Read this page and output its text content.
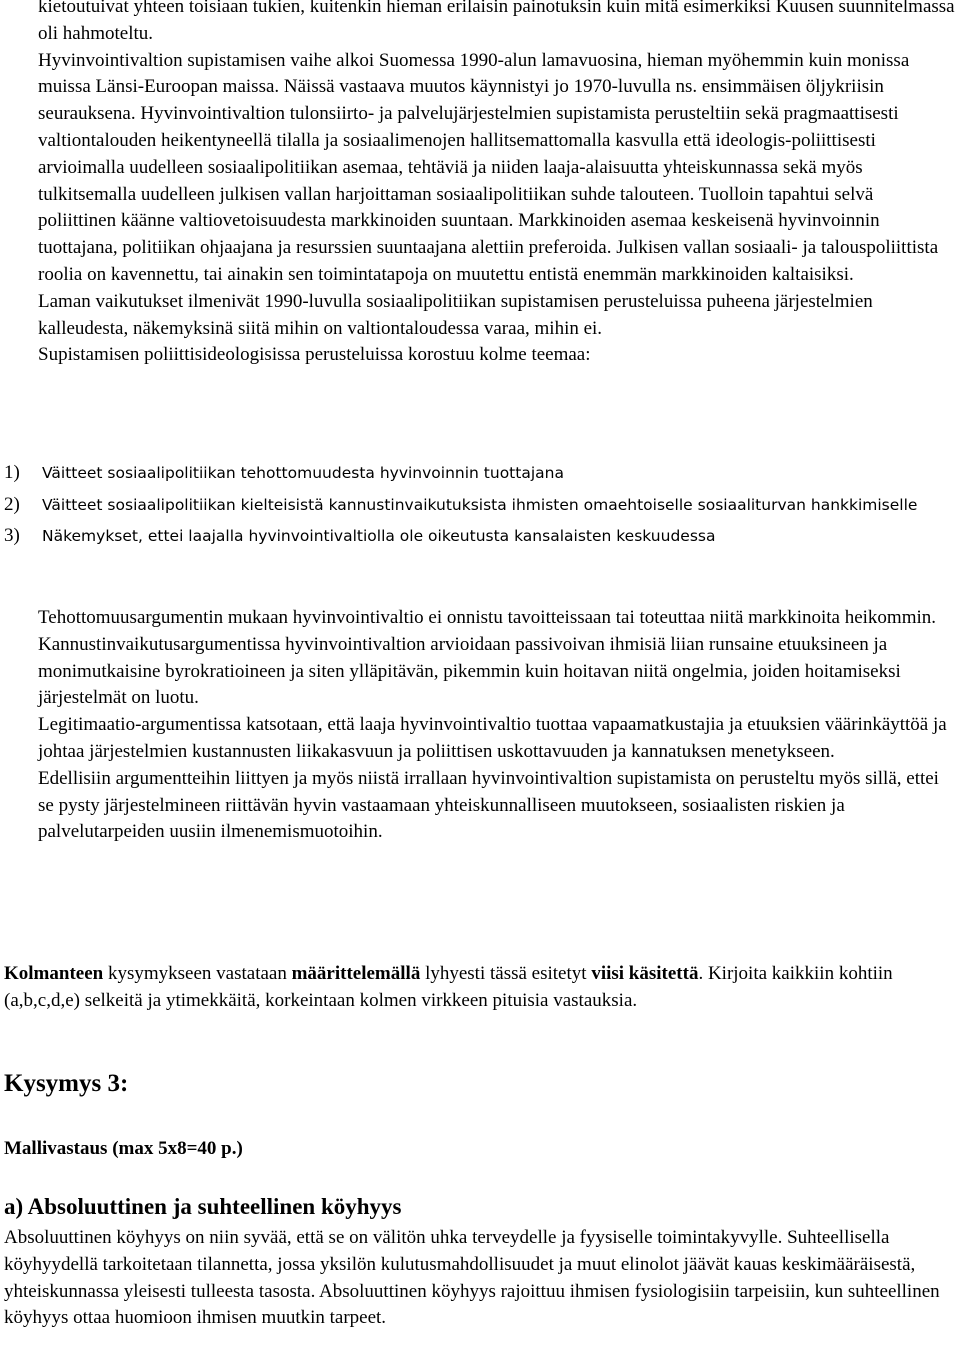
kietoutuivat yhteen toisiaan tukien, kuitenkin hieman erilaisin painotuksin kuin mitä esimerkiksi Kuusen suunnitelmassa oli hahmoteltu.

Hyvinvointivaltion supistamisen vaihe alkoi Suomessa 1990-alun lamavuosina, hieman myöhemmin kuin monissa muissa Länsi-Euroopan maissa. Näissä vastaava muutos käynnistyi jo 1970-luvulla ns. ensimmäisen öljykriisin seurauksena. Hyvinvointivaltion tulonsiirto- ja palvelujärjestelmien supistamista perusteltiin sekä pragmaattisesti valtiontalouden heikentyneellä tilalla ja sosiaalimenojen hallitsemattomalla kasvulla että ideologis-poliittisesti arvioimalla uudelleen sosiaalipolitiikan asemaa, tehtäviä ja niiden laaja-alaisuutta yhteiskunnassa sekä myös tulkitsemalla uudelleen julkisen vallan harjoittaman sosiaalipolitiikan suhde talouteen. Tuolloin tapahtui selvä poliittinen käänne valtiovetoisuudesta markkinoiden suuntaan. Markkinoiden asemaa keskeisenä hyvinvoinnin tuottajana, politiikan ohjaajana ja resurssien suuntaajana alettiin preferoida. Julkisen vallan sosiaali- ja talouspoliittista roolia on kavennettu, tai ainakin sen toimintatapoja on muutettu entistä enemmän markkinoiden kaltaisiksi.

Laman vaikutukset ilmenivät 1990-luvulla sosiaalipolitiikan supistamisen perusteluissa puheena järjestelmien kalleudesta, näkemyksinä siitä mihin on valtiontaloudessa varaa, mihin ei.

Supistamisen poliittisideologisissa perusteluissa korostuu kolme teemaa:

1) Väitteet sosiaalipolitiikan tehottomuudesta hyvinvoinnin tuottajana
2) Väitteet sosiaalipolitiikan kielteisistä kannustinvaikutuksista ihmisten omaehtoiselle sosiaaliturvan hankkimiselle
3) Näkemykset, ettei laajalla hyvinvointivaltiolla ole oikeutusta kansalaisten keskuudessa

Tehottomuusargumentin mukaan hyvinvointivaltio ei onnistu tavoitteissaan tai toteuttaa niitä markkinoita heikommin. Kannustinvaikutusargumentissa hyvinvointivaltion arvioidaan passivoivan ihmisiä liian runsaine etuuksineen ja monimutkaisine byrokratioineen ja siten ylläpitävän, pikemmin kuin hoitavan niitä ongelmia, joiden hoitamiseksi järjestelmät on luotu.

Legitimaatio-argumentissa katsotaan, että laaja hyvinvointivaltio tuottaa vapaamatkustajia ja etuuksien väärinkäyttöä ja johtaa järjestelmien kustannusten liikakasvuun ja poliittisen uskottavuuden ja kannatuksen menetykseen.

Edellisiin argumentteihin liittyen ja myös niistä irrallaan hyvinvointivaltion supistamista on perusteltu myös sillä, ettei se pysty järjestelmineen riittävän hyvin vastaamaan yhteiskunnalliseen muutokseen, sosiaalisten riskien ja palvelutarpeiden uusiin ilmenemismuotoihin.

Kolmanteen kysymykseen vastataan määrittelemällä lyhyesti tässä esitetyt viisi käsitettä. Kirjoita kaikkiin kohtiin (a,b,c,d,e) selkeitä ja ytimekkäitä, korkeintaan kolmen virkkeen pituisia vastauksia.

Kysymys 3:
Mallivastaus (max 5x8=40 p.)
a) Absoluuttinen ja suhteellinen köyhyys

Absoluuttinen köyhyys on niin syvää, että se on välitön uhka terveydelle ja fyysiselle toimintakyvylle. Suhteellisella köyhyydellä tarkoitetaan tilannetta, jossa yksilön kulutusmahdollisuudet ja muut elinolot jäävät kauas keskimääräisestä, yhteiskunnassa yleisesti tulleesta tasosta. Absoluuttinen köyhyys rajoittuu ihmisen fysiologisiin tarpeisiin, kun suhteellinen köyhyys ottaa huomioon ihmisen muutkin tarpeet.
